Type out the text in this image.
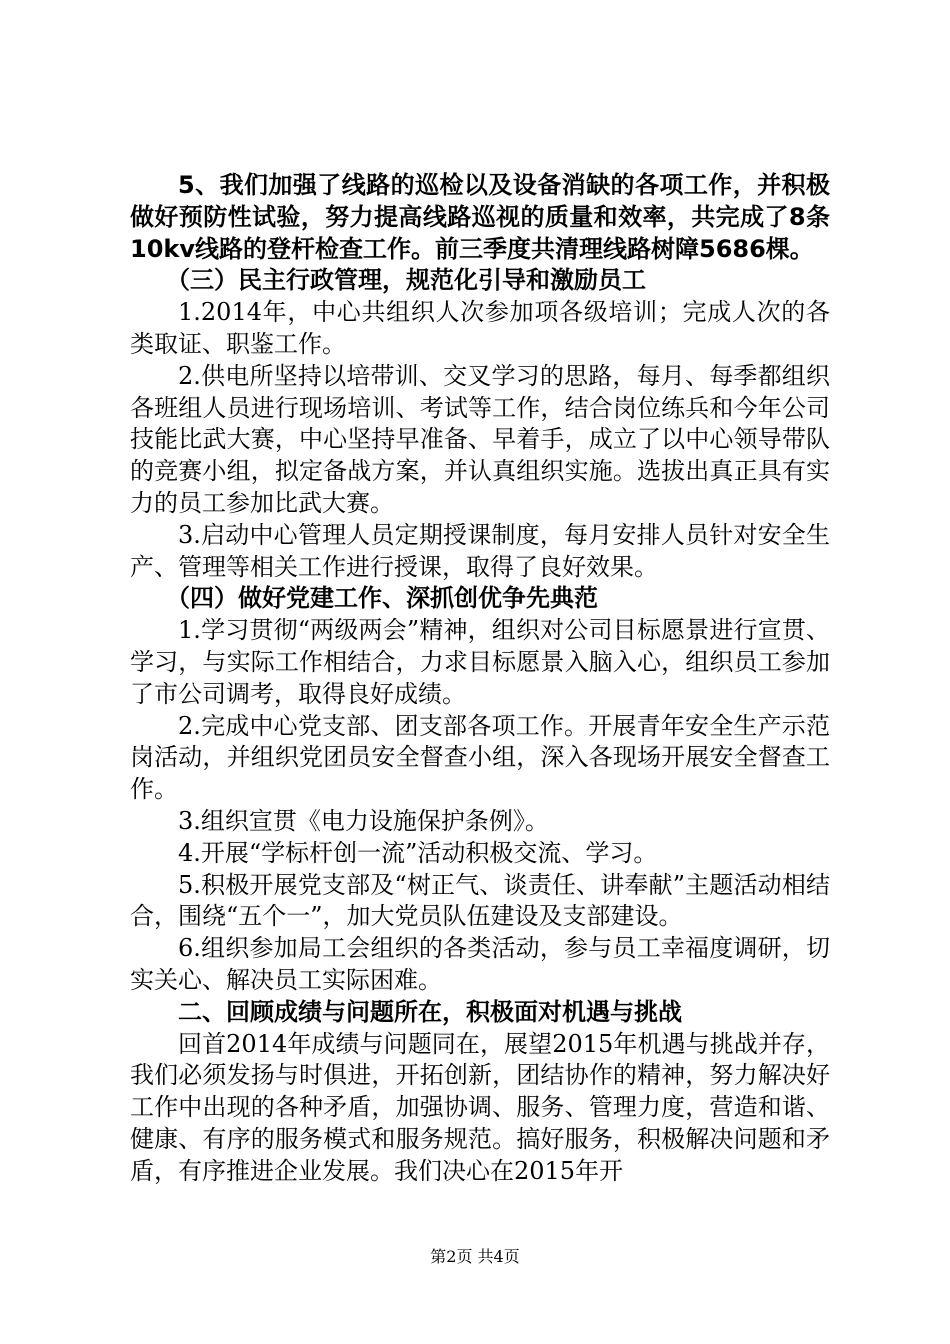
5、我们加强了线路的巡检以及设备消缺的各项工作，并积极做好预防性试验，努力提高线路巡视的质量和效率，共完成了8条10kv线路的登杆检查工作。前三季度共清理线路树障5686棵。

（三）民主行政管理，规范化引导和激励员工

1.2014年，中心共组织人次参加项各级培训；完成人次的各类取证、职鉴工作。

2.供电所坚持以培带训、交叉学习的思路，每月、每季都组织各班组人员进行现场培训、考试等工作，结合岗位练兵和今年公司技能比武大赛，中心坚持早准备、早着手，成立了以中心领导带队的竞赛小组，拟定备战方案，并认真组织实施。选拔出真正具有实力的员工参加比武大赛。

3.启动中心管理人员定期授课制度，每月安排人员针对安全生产、管理等相关工作进行授课，取得了良好效果。

（四）做好党建工作、深抓创优争先典范

1.学习贯彻“两级两会”精神，组织对公司目标愿景进行宣贯、学习，与实际工作相结合，力求目标愿景入脑入心，组织员工参加了市公司调考，取得良好成绩。

2.完成中心党支部、团支部各项工作。开展青年安全生产示范岗活动，并组织党团员安全督查小组，深入各现场开展安全督查工作。

3.组织宣贯《电力设施保护条例》。

4.开展“学标杆创一流”活动积极交流、学习。

5.积极开展党支部及“树正气、谈责任、讲奉献”主题活动相结合，围绕“五个一”，加大党员队伍建设及支部建设。

6.组织参加局工会组织的各类活动，参与员工幸福度调研，切实关心、解决员工实际困难。

二、回顾成绩与问题所在，积极面对机遇与挑战

回首2014年成绩与问题同在，展望2015年机遇与挑战并存，我们必须发扬与时俱进，开拓创新，团结协作的精神，努力解决好工作中出现的各种矛盾，加强协调、服务、管理力度，营造和谐、健康、有序的服务模式和服务规范。搞好服务，积极解决问题和矛盾，有序推进企业发展。我们决心在2015年开

第2页 共4页
